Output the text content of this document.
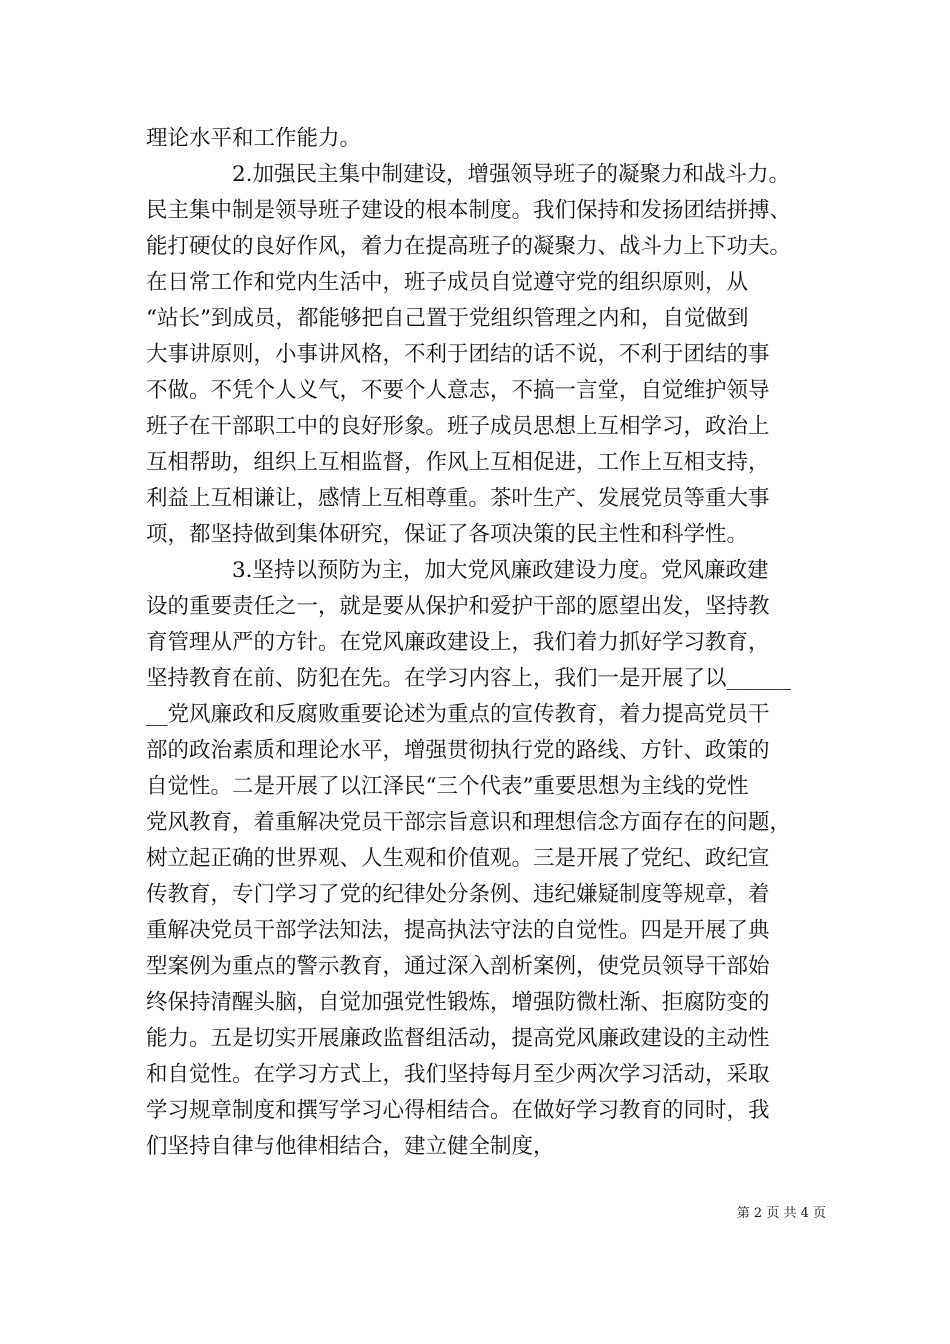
理论水平和工作能力。
　　　　2.加强民主集中制建设，增强领导班子的凝聚力和战斗力。
民主集中制是领导班子建设的根本制度。我们保持和发扬团结拼搏、
能打硬仗的良好作风，着力在提高班子的凝聚力、战斗力上下功夫。
在日常工作和党内生活中，班子成员自觉遵守党的组织原则，从
“站长”到成员，都能够把自己置于党组织管理之内和，自觉做到
大事讲原则，小事讲风格，不利于团结的话不说，不利于团结的事
不做。不凭个人义气，不要个人意志，不搞一言堂，自觉维护领导
班子在干部职工中的良好形象。班子成员思想上互相学习，政治上
互相帮助，组织上互相监督，作风上互相促进，工作上互相支持，
利益上互相谦让，感情上互相尊重。茶叶生产、发展党员等重大事
项，都坚持做到集体研究，保证了各项决策的民主性和科学性。
　　　　3.坚持以预防为主，加大党风廉政建设力度。党风廉政建
设的重要责任之一，就是要从保护和爱护干部的愿望出发，坚持教
育管理从严的方针。在党风廉政建设上，我们着力抓好学习教育，
坚持教育在前、防犯在先。在学习内容上，我们一是开展了以______
__党风廉政和反腐败重要论述为重点的宣传教育，着力提高党员干
部的政治素质和理论水平，增强贯彻执行党的路线、方针、政策的
自觉性。二是开展了以江泽民“三个代表”重要思想为主线的党性
党风教育，着重解决党员干部宗旨意识和理想信念方面存在的问题，
树立起正确的世界观、人生观和价值观。三是开展了党纪、政纪宣
传教育，专门学习了党的纪律处分条例、违纪嫌疑制度等规章，着
重解决党员干部学法知法，提高执法守法的自觉性。四是开展了典
型案例为重点的警示教育，通过深入剖析案例，使党员领导干部始
终保持清醒头脑，自觉加强党性锻炼，增强防微杜渐、拒腐防变的
能力。五是切实开展廉政监督组活动，提高党风廉政建设的主动性
和自觉性。在学习方式上，我们坚持每月至少两次学习活动，采取
学习规章制度和撰写学习心得相结合。在做好学习教育的同时，我
们坚持自律与他律相结合，建立健全制度，
第 2 页 共 4 页
